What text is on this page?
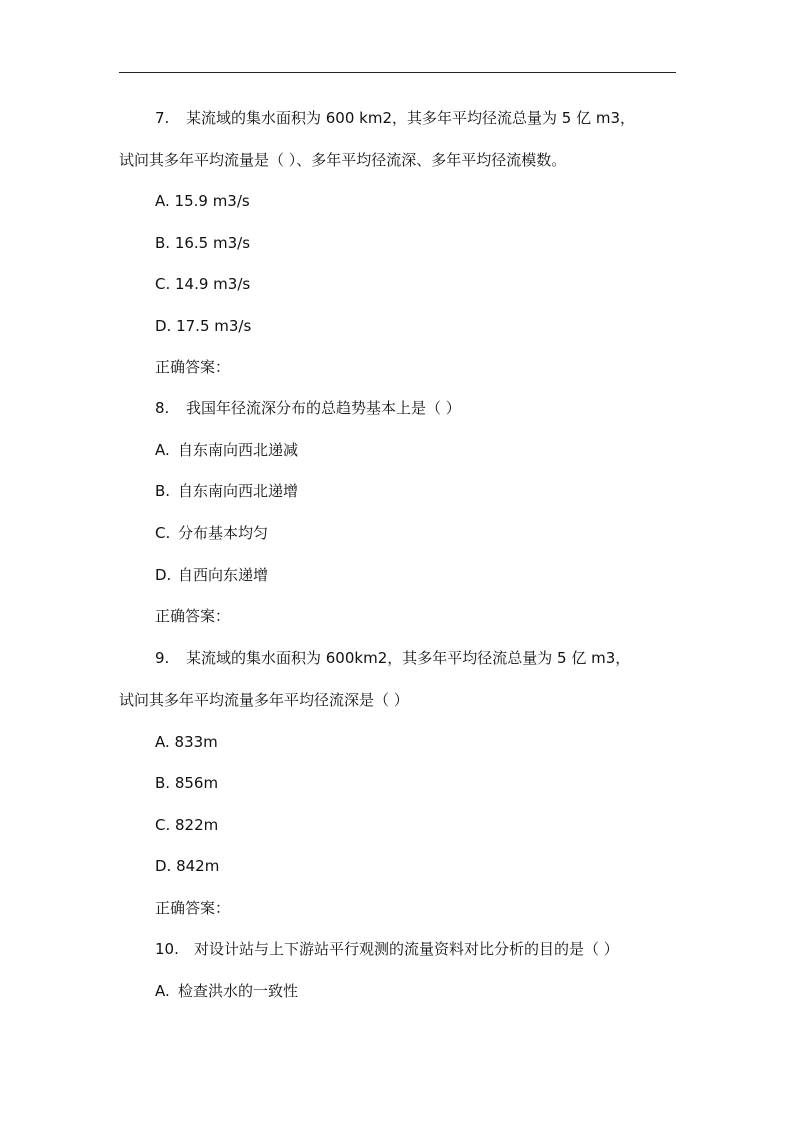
7. 某流域的集水面积为 600 km2，其多年平均径流总量为 5 亿 m3，
试问其多年平均流量是（ ）、多年平均径流深、多年平均径流模数。
A. 15.9 m3/s
B. 16.5 m3/s
C. 14.9 m3/s
D. 17.5 m3/s
正确答案：
8. 我国年径流深分布的总趋势基本上是（ ）
A. 自东南向西北递减
B. 自东南向西北递增
C. 分布基本均匀
D. 自西向东递增
正确答案：
9. 某流域的集水面积为 600km2，其多年平均径流总量为 5 亿 m3，
试问其多年平均流量多年平均径流深是（ ）
A. 833m
B. 856m
C. 822m
D. 842m
正确答案：
10. 对设计站与上下游站平行观测的流量资料对比分析的目的是（ ）
A. 检查洪水的一致性
